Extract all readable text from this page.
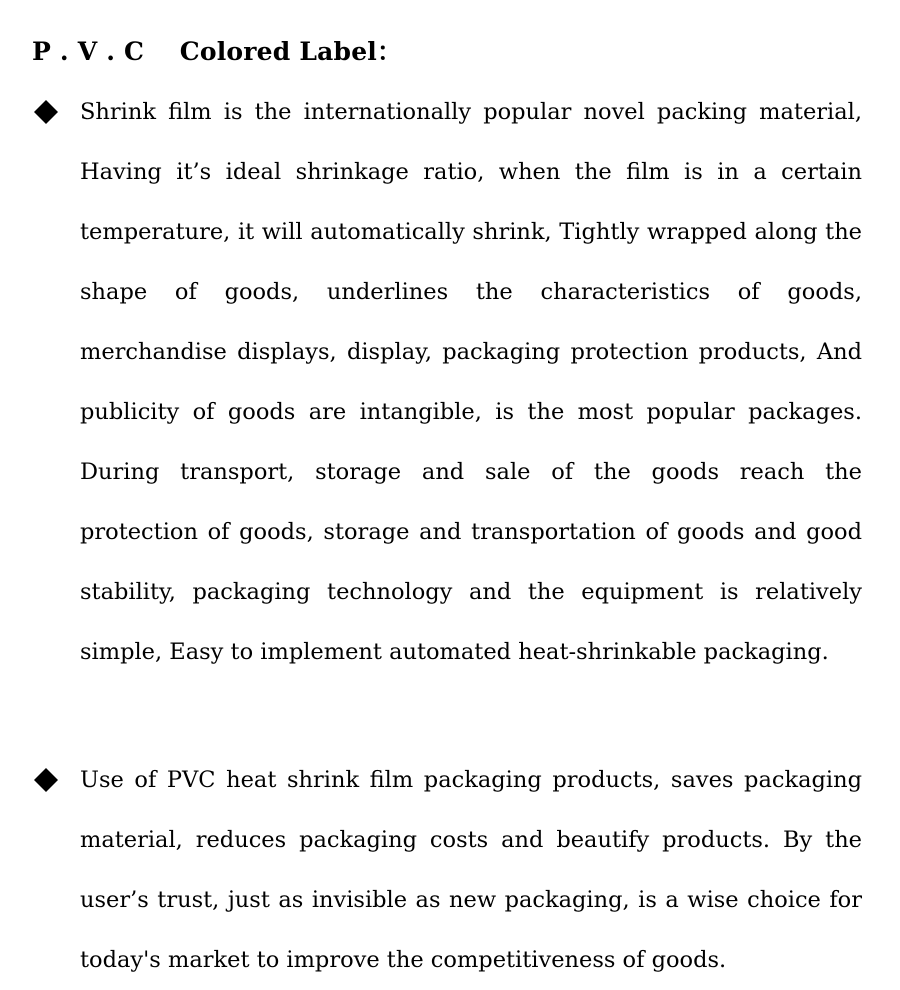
P . V . C    Colored Label：

Shrink film is the internationally popular novel packing material, Having it’s ideal shrinkage ratio, when the film is in a certain temperature, it will automatically shrink, Tightly wrapped along the shape of goods, underlines the characteristics of goods, merchandise displays, display, packaging protection products, And publicity of goods are intangible, is the most popular packages. During transport, storage and sale of the goods reach the protection of goods, storage and transportation of goods and good stability, packaging technology and the equipment is relatively simple, Easy to implement automated heat-shrinkable packaging.

Use of PVC heat shrink film packaging products, saves packaging material, reduces packaging costs and beautify products. By the user’s trust, just as invisible as new packaging, is a wise choice for today's market to improve the competitiveness of goods.
